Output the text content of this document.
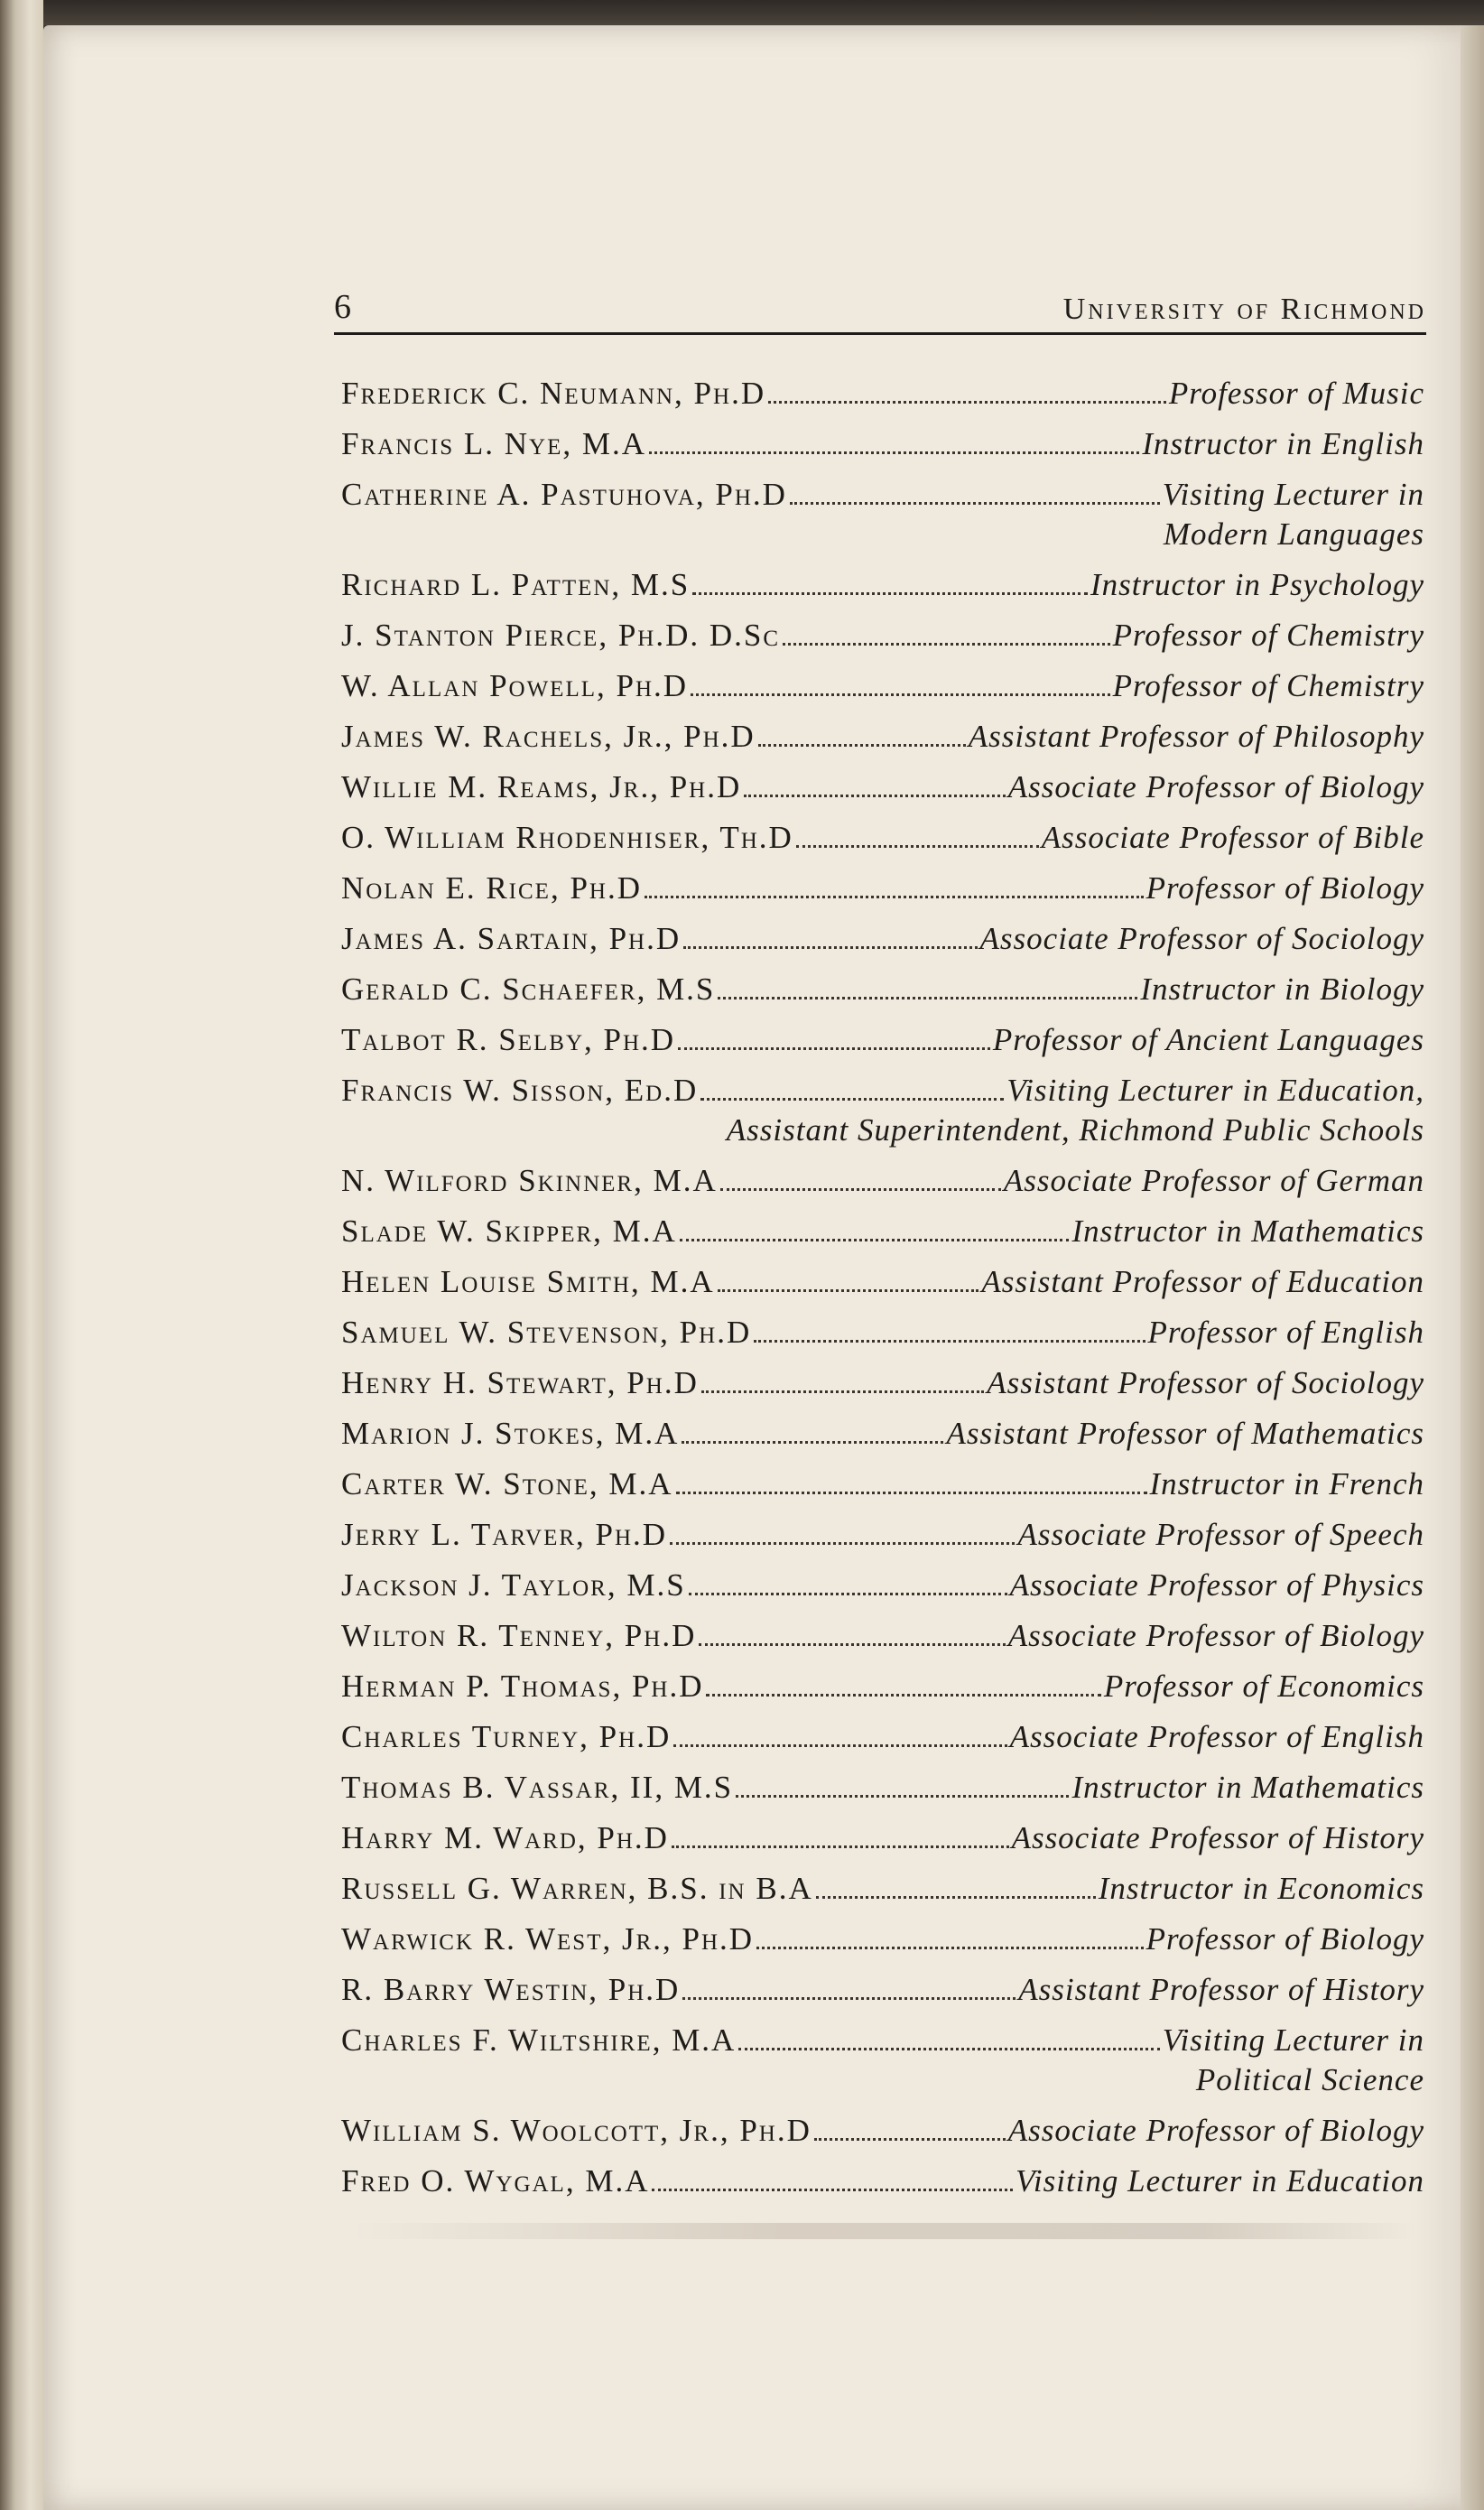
6	University of Richmond
Frederick C. Neumann, Ph.D	Professor of Music
Francis L. Nye, M.A	Instructor in English
Catherine A. Pastuhova, Ph.D	Visiting Lecturer in
Modern Languages
Richard L. Patten, M.S	Instructor in Psychology
J. Stanton Pierce, Ph.D. D.Sc	Professor of Chemistry
W. Allan Powell, Ph.D	Professor of Chemistry
James W. Rachels, Jr., Ph.D	Assistant Professor of Philosophy
Willie M. Reams, Jr., Ph.D	Associate Professor of Biology
O. William Rhodenhiser, Th.D	Associate Professor of Bible
Nolan E. Rice, Ph.D	Professor of Biology
James A. Sartain, Ph.D	Associate Professor of Sociology
Gerald C. Schaefer, M.S	Instructor in Biology
Talbot R. Selby, Ph.D	Professor of Ancient Languages
Francis W. Sisson, Ed.D	Visiting Lecturer in Education,
Assistant Superintendent, Richmond Public Schools
N. Wilford Skinner, M.A	Associate Professor of German
Slade W. Skipper, M.A	Instructor in Mathematics
Helen Louise Smith, M.A	Assistant Professor of Education
Samuel W. Stevenson, Ph.D	Professor of English
Henry H. Stewart, Ph.D	Assistant Professor of Sociology
Marion J. Stokes, M.A	Assistant Professor of Mathematics
Carter W. Stone, M.A	Instructor in French
Jerry L. Tarver, Ph.D	Associate Professor of Speech
Jackson J. Taylor, M.S	Associate Professor of Physics
Wilton R. Tenney, Ph.D	Associate Professor of Biology
Herman P. Thomas, Ph.D	Professor of Economics
Charles Turney, Ph.D	Associate Professor of English
Thomas B. Vassar, II, M.S	Instructor in Mathematics
Harry M. Ward, Ph.D	Associate Professor of History
Russell G. Warren, B.S. in B.A	Instructor in Economics
Warwick R. West, Jr., Ph.D	Professor of Biology
R. Barry Westin, Ph.D	Assistant Professor of History
Charles F. Wiltshire, M.A	Visiting Lecturer in
Political Science
William S. Woolcott, Jr., Ph.D	Associate Professor of Biology
Fred O. Wygal, M.A	Visiting Lecturer in Education
